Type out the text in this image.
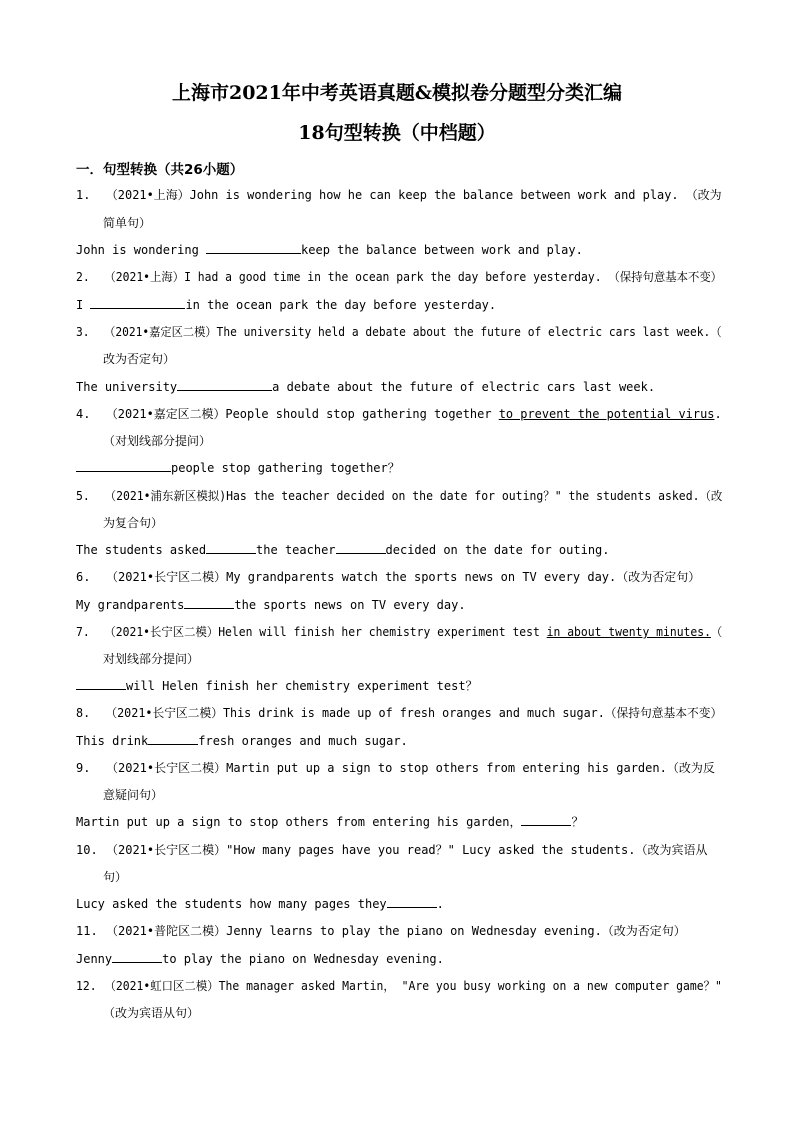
上海市2021年中考英语真题&模拟卷分题型分类汇编
18句型转换（中档题）
一．句型转换（共26小题）
1. （2021•上海）John is wondering how he can keep the balance between work and play. （改为
简单句）
John is wondering	keep the balance between work and play.
2. （2021•上海）I had a good time in the ocean park the day before yesterday. （保持句意基本不变）
I	in the ocean park the day before yesterday.
3. （2021•嘉定区二模）The university held a debate about the future of electric cars last week.（
改为否定句）
The university	a debate about the future of electric cars last week.
4. （2021•嘉定区二模）People should stop gathering together to prevent the potential virus.
（对划线部分提问）
people stop gathering together？
5. （2021•浦东新区模拟)Has the teacher decided on the date for outing？" the students asked.（改
为复合句）
The students asked	the teacher	decided on the date for outing.
6. （2021•长宁区二模）My grandparents watch the sports news on TV every day.（改为否定句）
My grandparents	the sports news on TV every day.
7. （2021•长宁区二模）Helen will finish her chemistry experiment test in about twenty minutes.（
对划线部分提问）
will Helen finish her chemistry experiment test？
8. （2021•长宁区二模）This drink is made up of fresh oranges and much sugar.（保持句意基本不变）
This drink	fresh oranges and much sugar.
9. （2021•长宁区二模）Martin put up a sign to stop others from entering his garden.（改为反
意疑问句）
Martin put up a sign to stop others from entering his garden，	？
10. （2021•长宁区二模）"How many pages have you read？" Lucy asked the students.（改为宾语从
句）
Lucy asked the students how many pages they	.
11. （2021•普陀区二模）Jenny learns to play the piano on Wednesday evening.（改为否定句）
Jenny	to play the piano on Wednesday evening.
12. （2021•虹口区二模）The manager asked Martin， "Are you busy working on a new computer game？"
（改为宾语从句）
